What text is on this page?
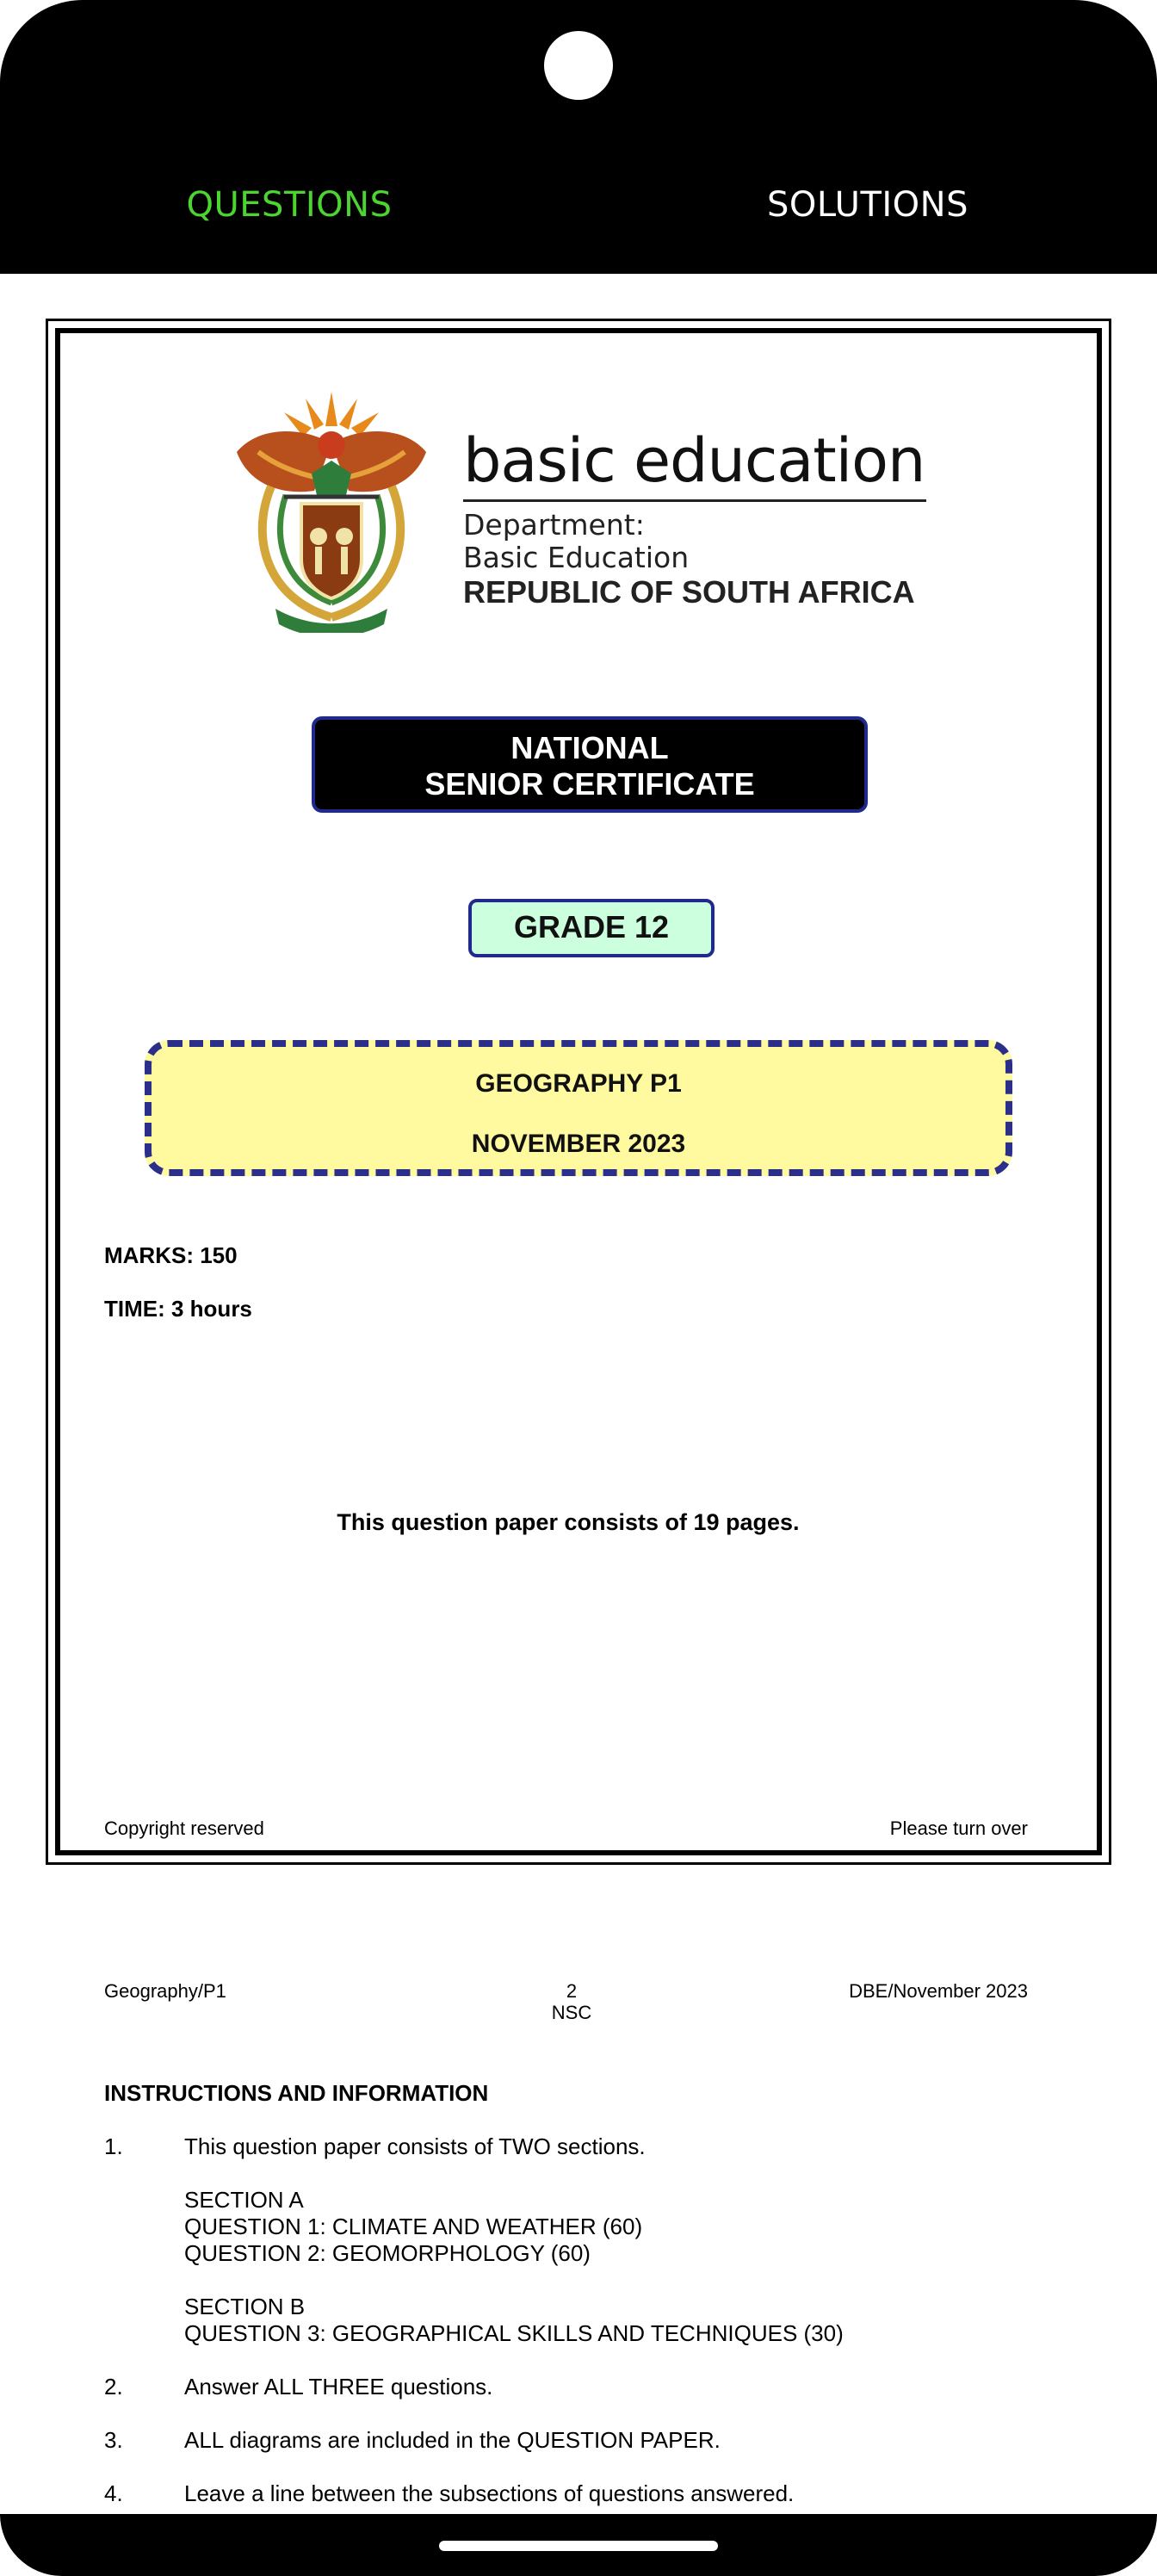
QUESTIONS	SOLUTIONS
basic education
Department:
Basic Education
REPUBLIC OF SOUTH AFRICA
NATIONAL
SENIOR CERTIFICATE
GRADE 12
GEOGRAPHY P1
NOVEMBER 2023
MARKS: 150
TIME: 3 hours
This question paper consists of 19 pages.
Copyright reserved	Please turn over
Geography/P1	2
NSC
DBE/November 2023
INSTRUCTIONS AND INFORMATION
1.	This question paper consists of TWO sections.
SECTION A
QUESTION 1: CLIMATE AND WEATHER (60)
QUESTION 2: GEOMORPHOLOGY (60)
SECTION B
QUESTION 3: GEOGRAPHICAL SKILLS AND TECHNIQUES (30)
2.	Answer ALL THREE questions.
3.	ALL diagrams are included in the QUESTION PAPER.
4.	Leave a line between the subsections of questions answered.
